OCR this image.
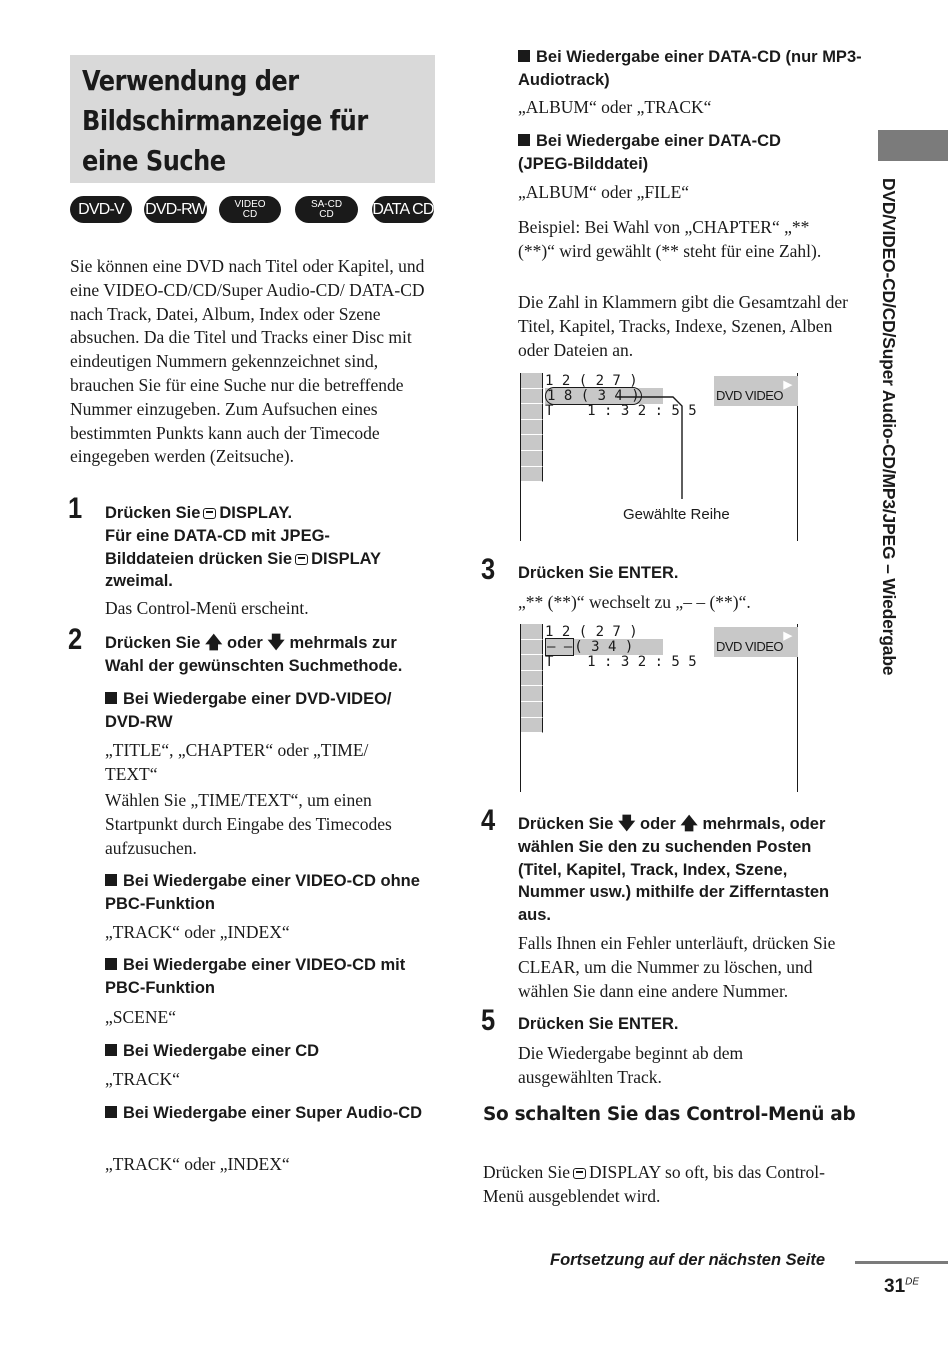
Verwendung der
Bildschirmanzeige für
eine Suche
DVD-V	DVD-RW	VIDEO
CD
SA-CD
CD	DATA CD

Sie können eine DVD nach Titel oder Kapitel, und eine VIDEO-CD/CD/Super Audio-CD/ DATA-CD nach Track, Datei, Album, Index oder Szene absuchen. Da die Titel und Tracks einer Disc mit eindeutigen Nummern gekennzeichnet sind, brauchen Sie für eine Suche nur die betreffende Nummer einzugeben. Zum Aufsuchen eines bestimmten Punkts kann auch der Timecode eingegeben werden (Zeitsuche).

1 Drücken Sie DISPLAY.
Für eine DATA-CD mit JPEG-
Bilddateien drücken Sie DISPLAY
zweimal.

Das Control-Menü erscheint.

2 Drücken Sie 🡅 oder 🡇 mehrmals zur
Wahl der gewünschten Suchmethode.
Bei Wiedergabe einer DVD-VIDEO/ DVD-RW

„TITLE“, „CHAPTER“ oder „TIME/ TEXT“

Wählen Sie „TIME/TEXT“, um einen Startpunkt durch Eingabe des Timecodes aufzusuchen.

Bei Wiedergabe einer VIDEO-CD ohne PBC-Funktion

„TRACK“ oder „INDEX“

Bei Wiedergabe einer VIDEO-CD mit PBC-Funktion

„SCENE“

Bei Wiedergabe einer CD

„TRACK“

Bei Wiedergabe einer Super Audio-CD

„TRACK“ oder „INDEX“

Bei Wiedergabe einer DATA-CD (nur MP3-Audiotrack)

„ALBUM“ oder „TRACK“

Bei Wiedergabe einer DATA-CD (JPEG-Bilddatei)

„ALBUM“ oder „FILE“

Beispiel: Bei Wahl von „CHAPTER“ „** (**)“ wird gewählt (** steht für eine Zahl).

Die Zahl in Klammern gibt die Gesamtzahl der Titel, Kapitel, Tracks, Indexe, Szenen, Alben oder Dateien an.

1 2 ( 2 7 )
1 8 ( 3 4 )
T    1 : 3 2 : 5 5
DVD VIDEO
▶
Gewählte Reihe
3 Drücken Sie ENTER.

„** (**)“ wechselt zu „– – (**)“.

1 2 ( 2 7 )
– – ( 3 4 )
T    1 : 3 2 : 5 5
DVD VIDEO
▶
4 Drücken Sie 🡇 oder 🡅 mehrmals, oder
wählen Sie den zu suchenden Posten (Titel, Kapitel, Track, Index, Szene, Nummer usw.) mithilfe der Zifferntasten aus.

Falls Ihnen ein Fehler unterläuft, drücken Sie CLEAR, um die Nummer zu löschen, und wählen Sie dann eine andere Nummer.

5 Drücken Sie ENTER.

Die Wiedergabe beginnt ab dem ausgewählten Track.

So schalten Sie das Control-Menü ab

Drücken Sie DISPLAY so oft, bis das Control-Menü ausgeblendet wird.

DVD/VIDEO-CD/CD/Super Audio-CD/MP3/JPEG – Wiedergabe
Fortsetzung auf der nächsten Seite
31DE
